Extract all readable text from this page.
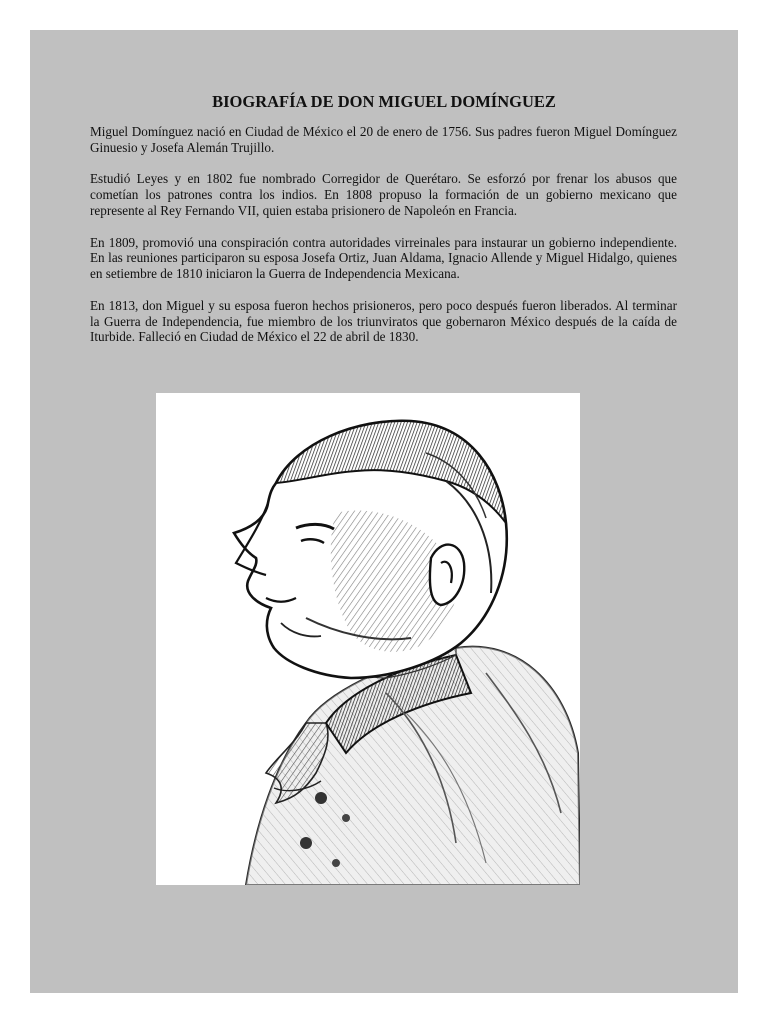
BIOGRAFÍA DE DON MIGUEL DOMÍNGUEZ

Miguel Domínguez nació en Ciudad de México el 20 de enero de 1756. Sus padres fueron Miguel Domínguez Ginuesio y Josefa Alemán Trujillo.

Estudió Leyes y en 1802 fue nombrado Corregidor de Querétaro. Se esforzó por frenar los abusos que cometían los patrones contra los indios. En 1808 propuso la formación de un gobierno mexicano que represente al Rey Fernando VII, quien estaba prisionero de Napoleón en Francia.

En 1809, promovió una conspiración contra autoridades virreinales para instaurar un gobierno independiente. En las reuniones participaron su esposa Josefa Ortiz, Juan Aldama, Ignacio Allende y Miguel Hidalgo, quienes en setiembre de 1810 iniciaron la Guerra de Independencia Mexicana.

En 1813, don Miguel y su esposa fueron hechos prisioneros, pero poco después fueron liberados. Al terminar la Guerra de Independencia, fue miembro de los triunviratos que gobernaron México después de la caída de Iturbide. Falleció en Ciudad de México el 22 de abril de 1830.
